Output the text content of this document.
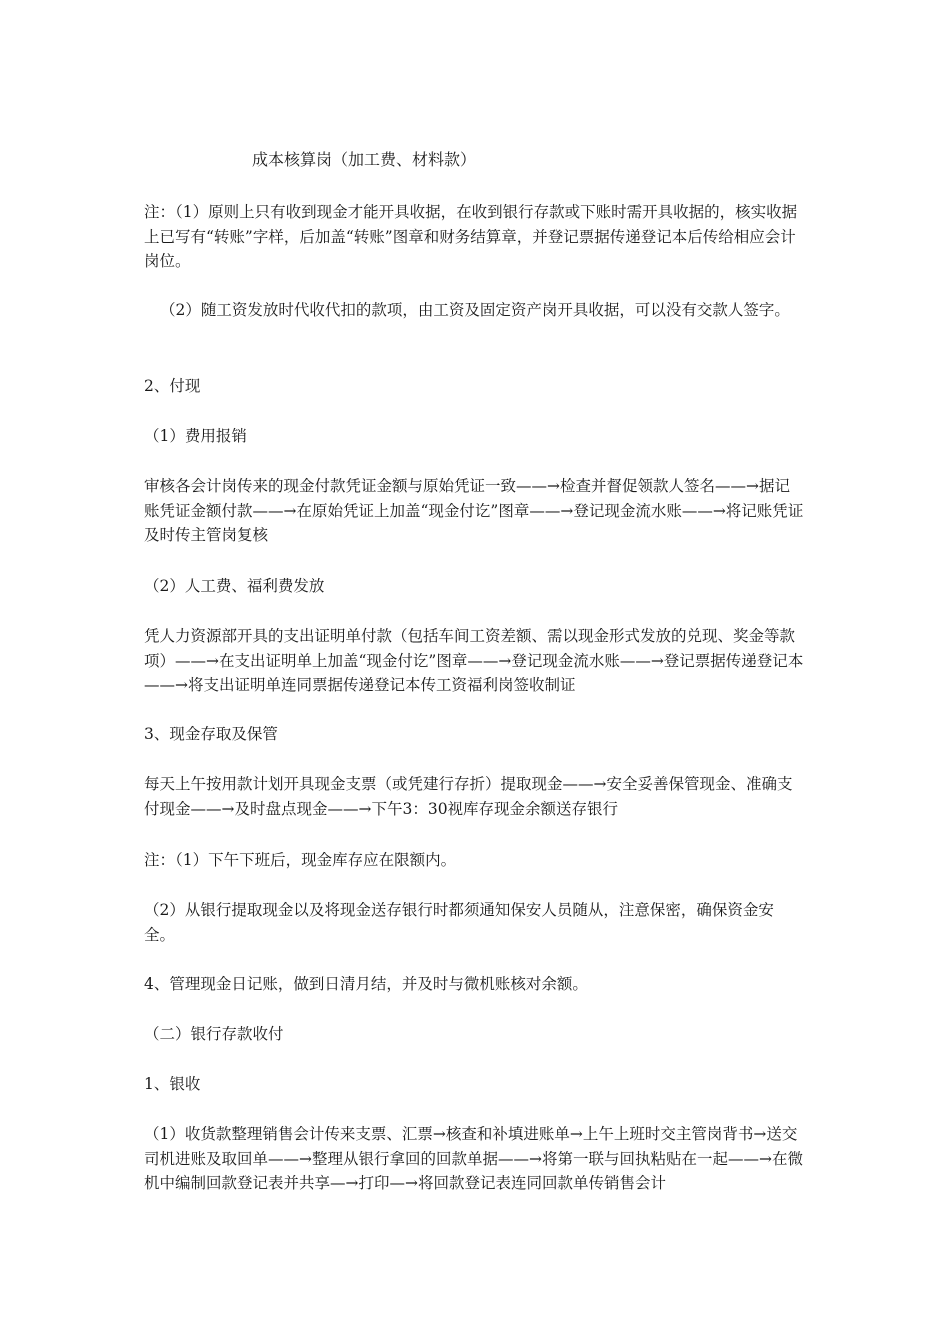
成本核算岗（加工费、材料款）

注：（1）原则上只有收到现金才能开具收据，在收到银行存款或下账时需开具收据的，核实收据上已写有“转账”字样，后加盖“转账”图章和财务结算章，并登记票据传递登记本后传给相应会计岗位。

（2）随工资发放时代收代扣的款项，由工资及固定资产岗开具收据，可以没有交款人签字。

2、付现

（1）费用报销

审核各会计岗传来的现金付款凭证金额与原始凭证一致——→检查并督促领款人签名——→据记账凭证金额付款——→在原始凭证上加盖“现金付讫”图章——→登记现金流水账——→将记账凭证及时传主管岗复核

（2）人工费、福利费发放

凭人力资源部开具的支出证明单付款（包括车间工资差额、需以现金形式发放的兑现、奖金等款项）——→在支出证明单上加盖“现金付讫”图章——→登记现金流水账——→登记票据传递登记本——→将支出证明单连同票据传递登记本传工资福利岗签收制证

3、现金存取及保管

每天上午按用款计划开具现金支票（或凭建行存折）提取现金——→安全妥善保管现金、准确支付现金——→及时盘点现金——→下午3：30视库存现金余额送存银行

注：（1）下午下班后，现金库存应在限额内。

（2）从银行提取现金以及将现金送存银行时都须通知保安人员随从，注意保密，确保资金安全。

4、管理现金日记账，做到日清月结，并及时与微机账核对余额。

（二）银行存款收付

1、银收

（1）收货款整理销售会计传来支票、汇票→核查和补填进账单→上午上班时交主管岗背书→送交司机进账及取回单——→整理从银行拿回的回款单据——→将第一联与回执粘贴在一起——→在微机中编制回款登记表并共享—→打印—→将回款登记表连同回款单传销售会计
